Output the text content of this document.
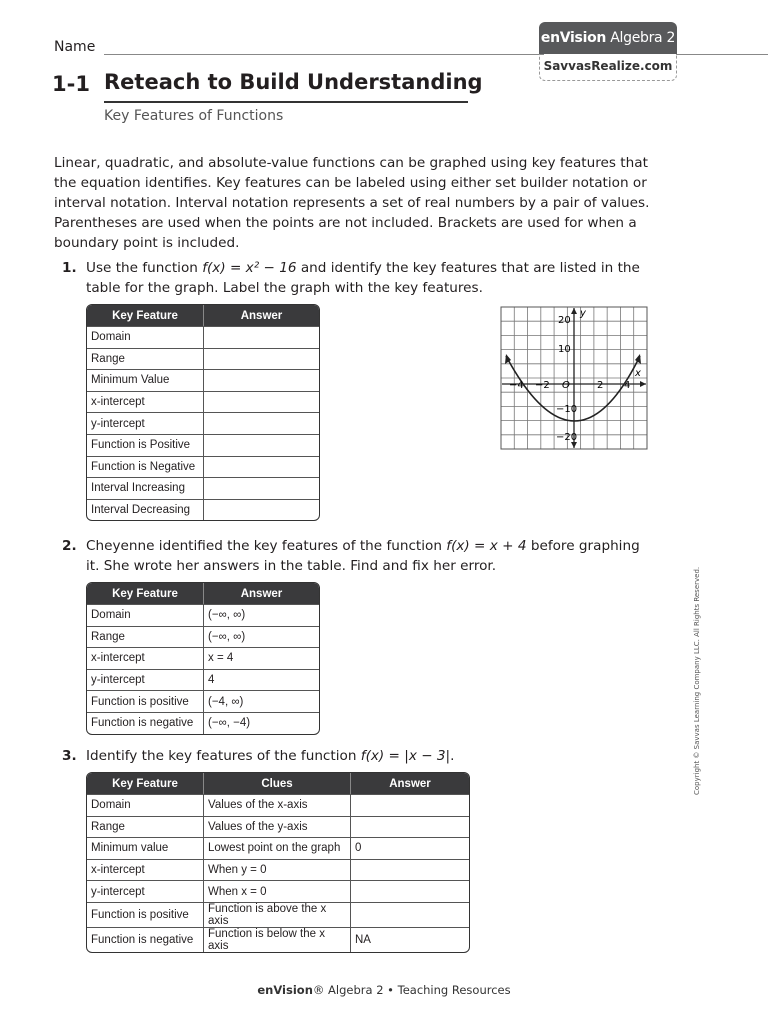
Name
enVision Algebra 2
SavvasRealize.com
1-1 Reteach to Build Understanding
Key Features of Functions
Linear, quadratic, and absolute-value functions can be graphed using key features that the equation identifies. Key features can be labeled using either set builder notation or interval notation. Interval notation represents a set of real numbers by a pair of values. Parentheses are used when the points are not included. Brackets are used for when a boundary point is included.
1. Use the function f(x) = x² − 16 and identify the key features that are listed in the table for the graph. Label the graph with the key features.
Key Feature	Answer
Domain	
Range	
Minimum Value	
x-intercept	
y-intercept	
Function is Positive	
Function is Negative	
Interval Increasing	
Interval Decreasing	
y
x
20
10
−10
−20
−4 −2 O	2 4
2. Cheyenne identified the key features of the function f(x) = x + 4 before graphing it. She wrote her answers in the table. Find and fix her error.
Key Feature	Answer
Domain	(−∞, ∞)
Range	(−∞, ∞)
x-intercept	x = 4
y-intercept	4
Function is positive	(−4, ∞)
Function is negative	(−∞, −4)
3. Identify the key features of the function f(x) = |x − 3|.
Key Feature	Clues	Answer
Domain	Values of the x-axis	
Range	Values of the y-axis	
Minimum value	Lowest point on the graph	0
x-intercept	When y = 0	
y-intercept	When x = 0	
Function is positive	Function is above the x axis	
Function is negative	Function is below the x axis	NA
Copyright © Savvas Learning Company LLC. All Rights Reserved.
enVision® Algebra 2 • Teaching Resources
